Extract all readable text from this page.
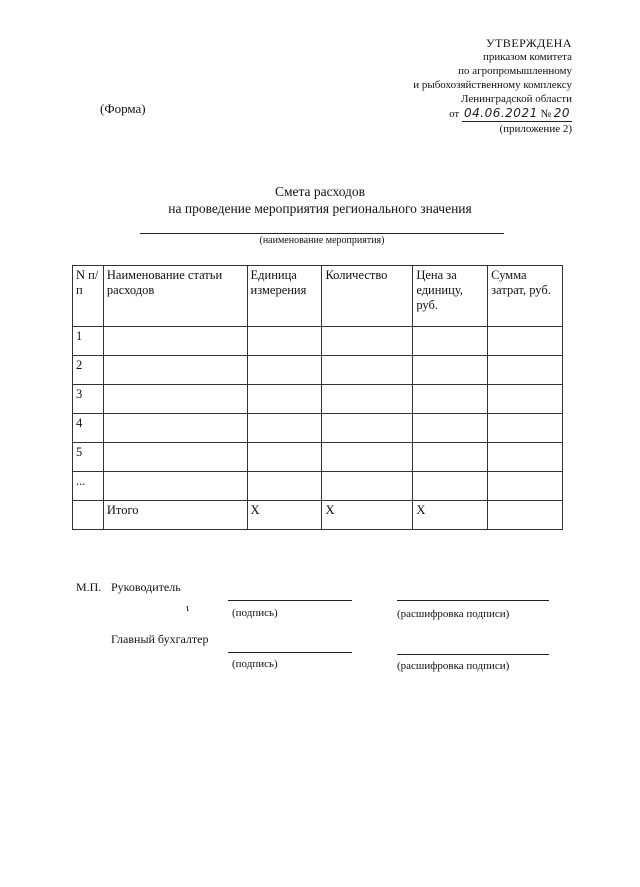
УТВЕРЖДЕНА
приказом комитета
по агропромышленному
и рыбохозяйственному комплексу
Ленинградской области
от 04.06.2021 № 20
(приложение 2)
(Форма)
Смета расходов
на проведение мероприятия регионального значения
(наименование мероприятия)
N п/п	Наименование статьи расходов	Единица измерения	Количество	Цена за единицу, руб.	Сумма затрат, руб.
1					
2					
3					
4					
5					
...					
	Итого	X	X	X	
М.П. Руководитель
ɩ	(подпись)	(расшифровка подписи)
Главный бухгалтер
(подпись)	(расшифровка подписи)
